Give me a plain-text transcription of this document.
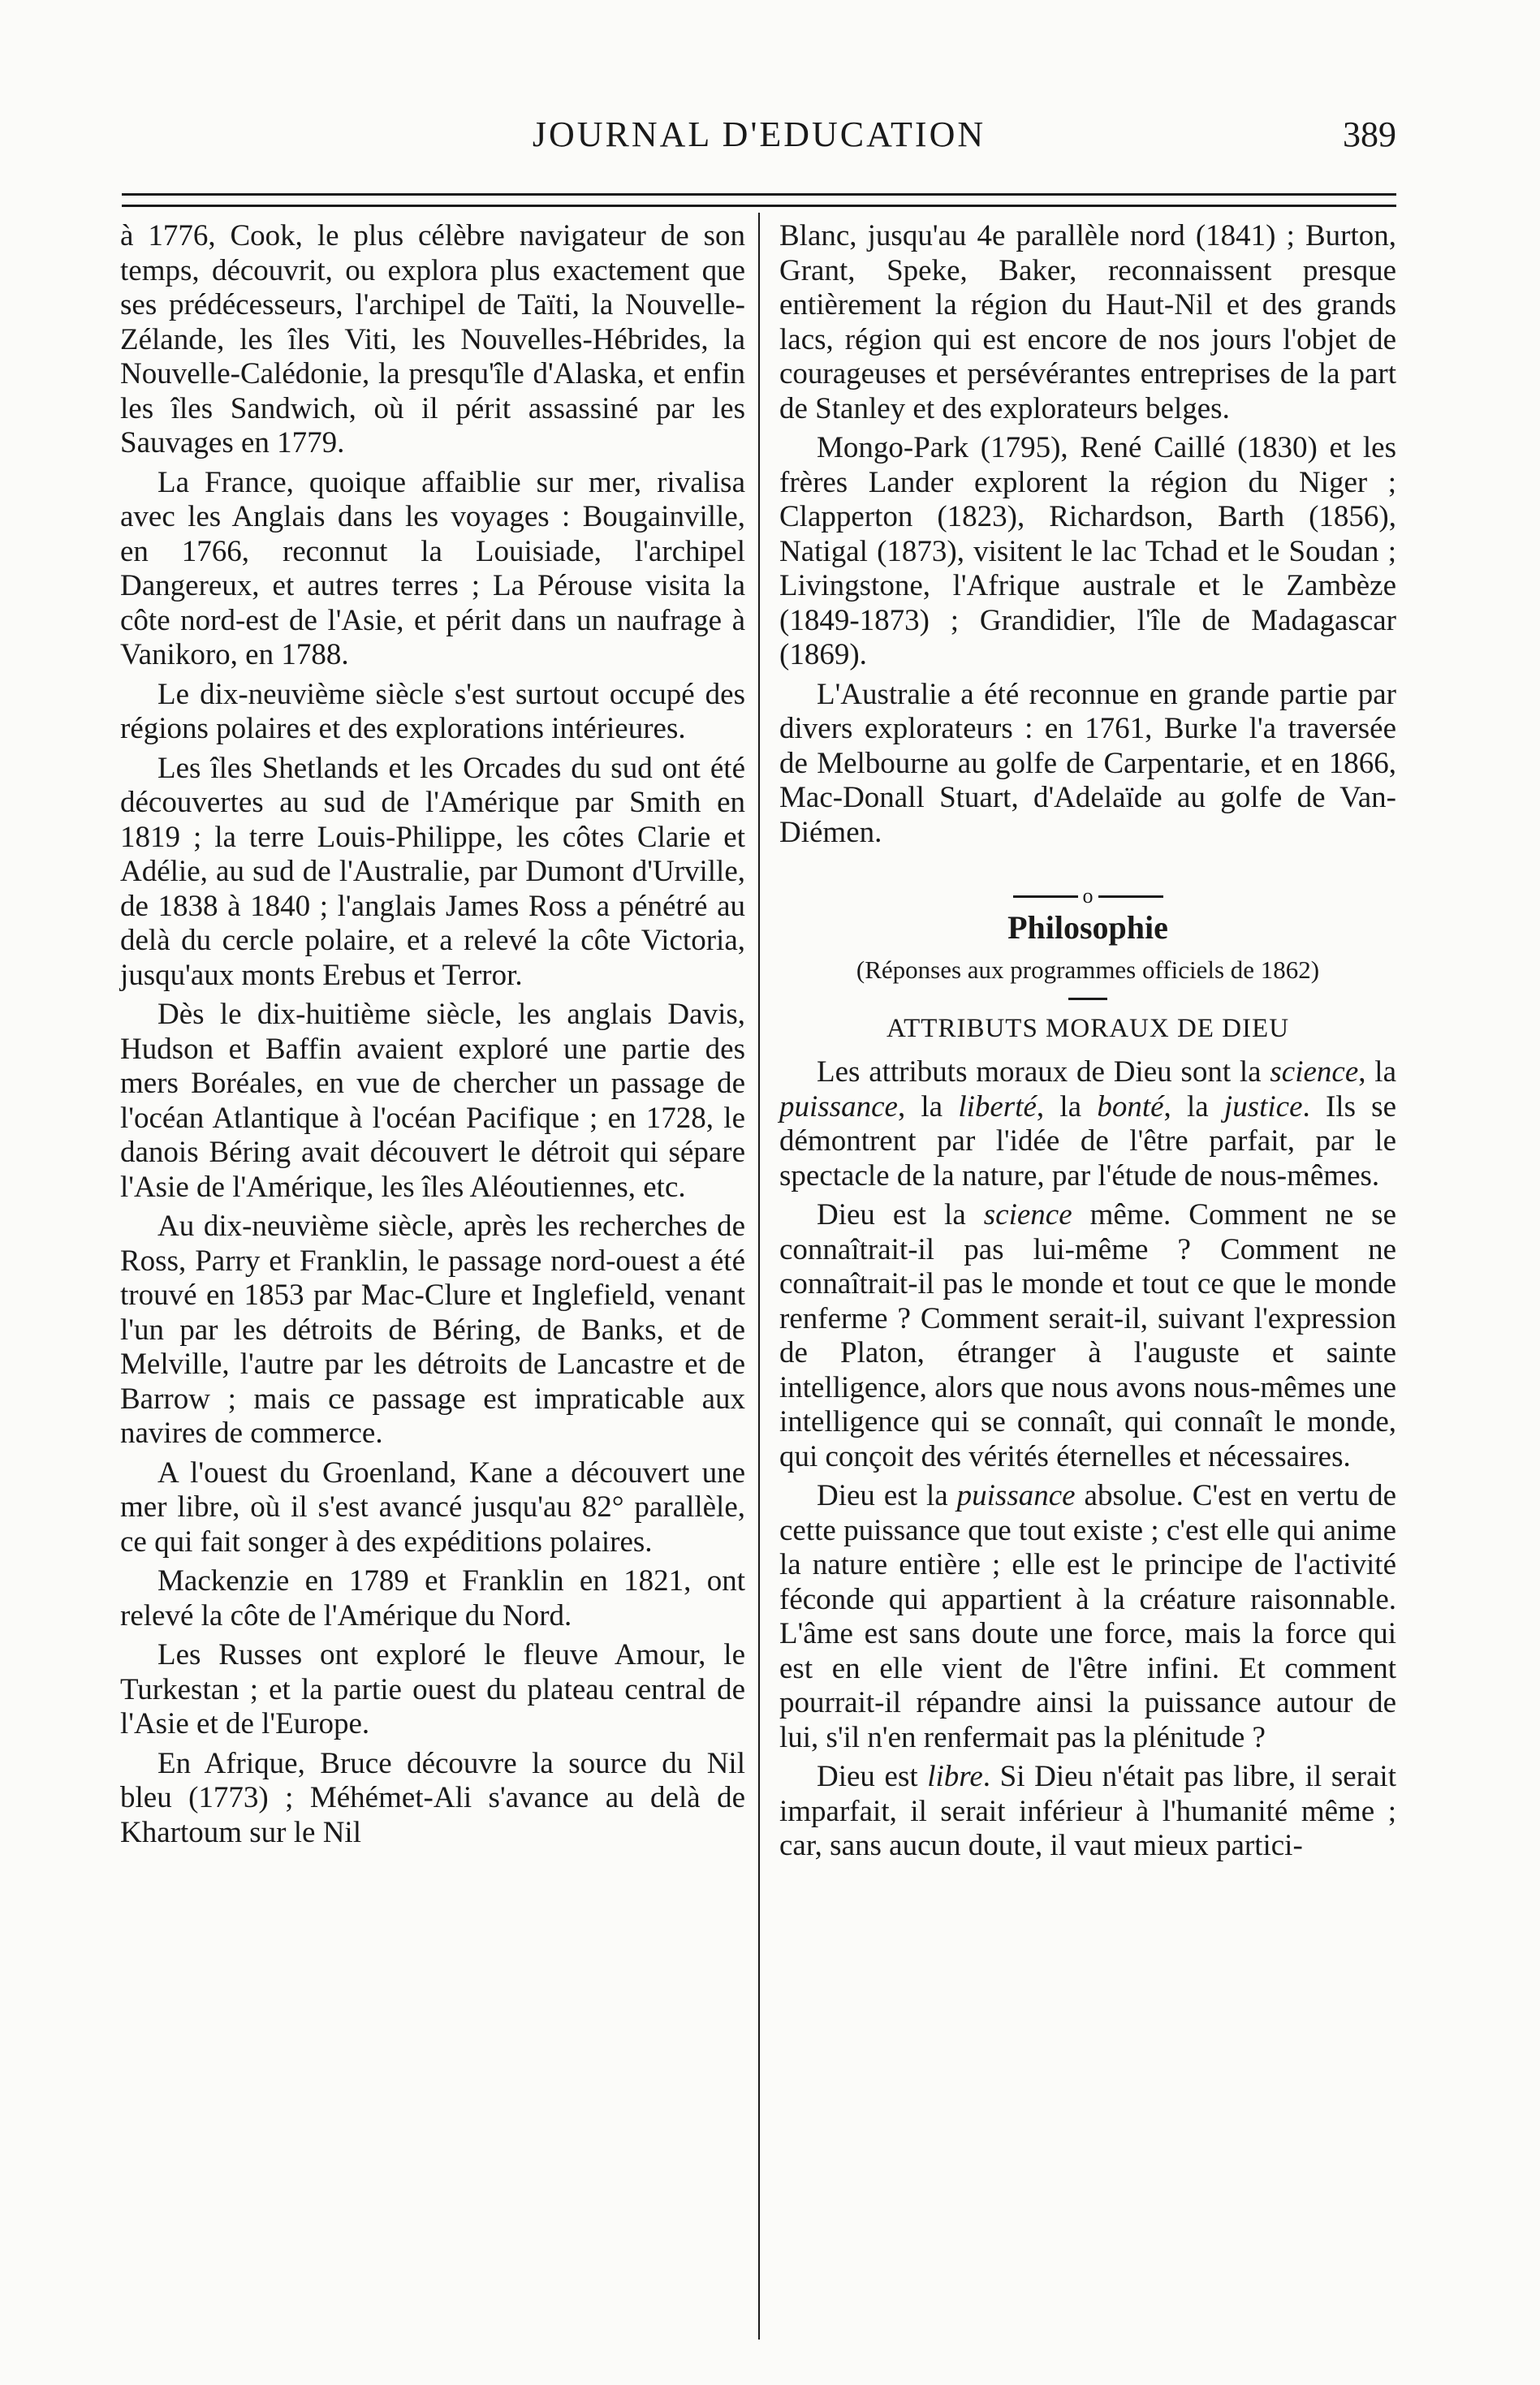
JOURNAL D'EDUCATION	389

à 1776, Cook, le plus célèbre navigateur de son temps, découvrit, ou explora plus exactement que ses prédécesseurs, l'archipel de Taïti, la Nouvelle-Zélande, les îles Viti, les Nouvelles-Hébrides, la Nouvelle-Calédonie, la presqu'île d'Alaska, et enfin les îles Sandwich, où il périt assassiné par les Sauvages en 1779.

La France, quoique affaiblie sur mer, rivalisa avec les Anglais dans les voyages : Bougainville, en 1766, reconnut la Louisiade, l'archipel Dangereux, et autres terres ; La Pérouse visita la côte nord-est de l'Asie, et périt dans un naufrage à Vanikoro, en 1788.

Le dix-neuvième siècle s'est surtout occupé des régions polaires et des explorations intérieures.

Les îles Shetlands et les Orcades du sud ont été découvertes au sud de l'Amérique par Smith en 1819 ; la terre Louis-Philippe, les côtes Clarie et Adélie, au sud de l'Australie, par Dumont d'Urville, de 1838 à 1840 ; l'anglais James Ross a pénétré au delà du cercle polaire, et a relevé la côte Victoria, jusqu'aux monts Erebus et Terror.

Dès le dix-huitième siècle, les anglais Davis, Hudson et Baffin avaient exploré une partie des mers Boréales, en vue de chercher un passage de l'océan Atlantique à l'océan Pacifique ; en 1728, le danois Béring avait découvert le détroit qui sépare l'Asie de l'Amérique, les îles Aléoutiennes, etc.

Au dix-neuvième siècle, après les recherches de Ross, Parry et Franklin, le passage nord-ouest a été trouvé en 1853 par Mac-Clure et Inglefield, venant l'un par les détroits de Béring, de Banks, et de Melville, l'autre par les détroits de Lancastre et de Barrow ; mais ce passage est impraticable aux navires de commerce.

A l'ouest du Groenland, Kane a découvert une mer libre, où il s'est avancé jusqu'au 82° parallèle, ce qui fait songer à des expéditions polaires.

Mackenzie en 1789 et Franklin en 1821, ont relevé la côte de l'Amérique du Nord.

Les Russes ont exploré le fleuve Amour, le Turkestan ; et la partie ouest du plateau central de l'Asie et de l'Europe.

En Afrique, Bruce découvre la source du Nil bleu (1773) ; Méhémet-Ali s'avance au delà de Khartoum sur le Nil

Blanc, jusqu'au 4e parallèle nord (1841) ; Burton, Grant, Speke, Baker, reconnaissent presque entièrement la région du Haut-Nil et des grands lacs, région qui est encore de nos jours l'objet de courageuses et persévérantes entreprises de la part de Stanley et des explorateurs belges.

Mongo-Park (1795), René Caillé (1830) et les frères Lander explorent la région du Niger ; Clapperton (1823), Richardson, Barth (1856), Natigal (1873), visitent le lac Tchad et le Soudan ; Livingstone, l'Afrique australe et le Zambèze (1849-1873) ; Grandidier, l'île de Madagascar (1869).

L'Australie a été reconnue en grande partie par divers explorateurs : en 1761, Burke l'a traversée de Melbourne au golfe de Carpentarie, et en 1866, Mac-Donall Stuart, d'Adelaïde au golfe de Van-Diémen.

o
Philosophie
(Réponses aux programmes officiels de 1862)
ATTRIBUTS MORAUX DE DIEU

Les attributs moraux de Dieu sont la science, la puissance, la liberté, la bonté, la justice. Ils se démontrent par l'idée de l'être parfait, par le spectacle de la nature, par l'étude de nous-mêmes.

Dieu est la science même. Comment ne se connaîtrait-il pas lui-même ? Comment ne connaîtrait-il pas le monde et tout ce que le monde renferme ? Comment serait-il, suivant l'expression de Platon, étranger à l'auguste et sainte intelligence, alors que nous avons nous-mêmes une intelligence qui se connaît, qui connaît le monde, qui conçoit des vérités éternelles et nécessaires.

Dieu est la puissance absolue. C'est en vertu de cette puissance que tout existe ; c'est elle qui anime la nature entière ; elle est le principe de l'activité féconde qui appartient à la créature raisonnable. L'âme est sans doute une force, mais la force qui est en elle vient de l'être infini. Et comment pourrait-il répandre ainsi la puissance autour de lui, s'il n'en renfermait pas la plénitude ?

Dieu est libre. Si Dieu n'était pas libre, il serait imparfait, il serait inférieur à l'humanité même ; car, sans aucun doute, il vaut mieux partici-
